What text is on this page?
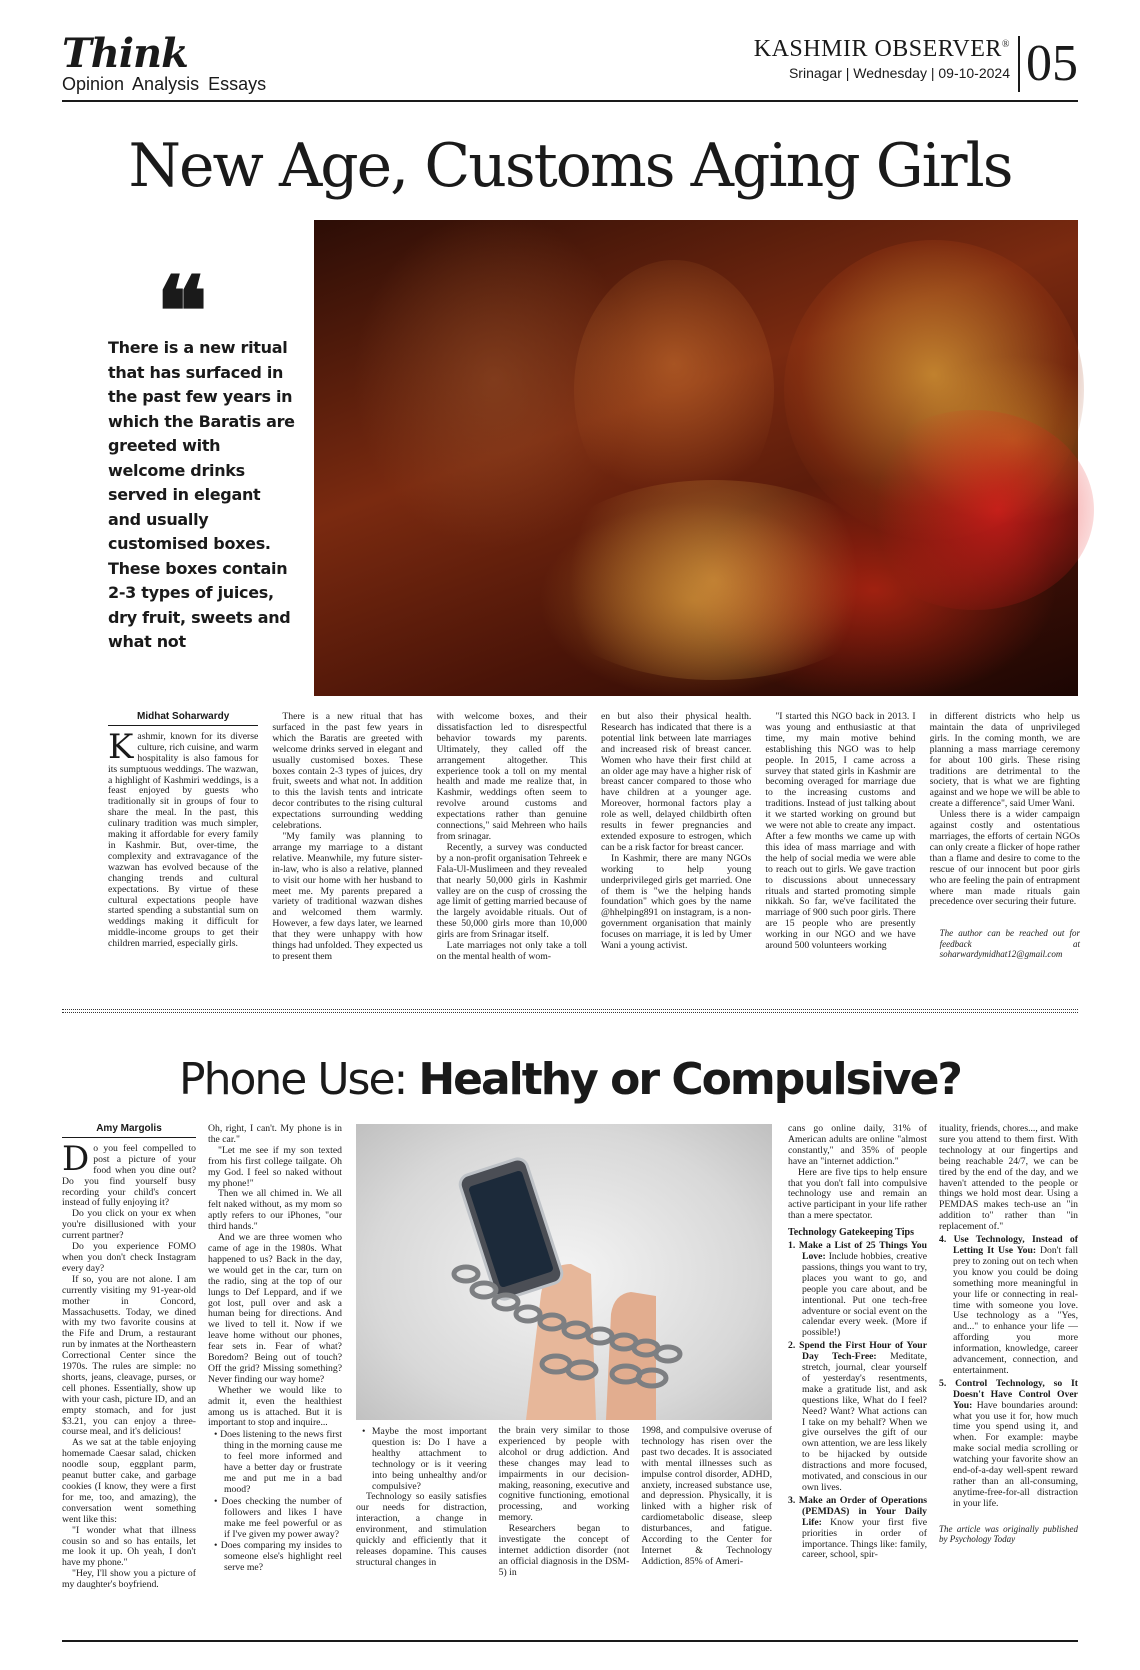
Think
Opinion Analysis Essays
KASHMIR OBSERVER®
Srinagar | Wednesday | 09-10-2024 05
New Age, Customs Aging Girls
❝
There is a new ritual that has surfaced in the past few years in which the Baratis are greeted with welcome drinks served in elegant and usually customised boxes. These boxes contain 2-3 types of juices, dry fruit, sweets and what not
Midhat Soharwardy

Kashmir, known for its diverse culture, rich cuisine, and warm hospitality is also famous for its sumptuous weddings. The wazwan, a highlight of Kashmiri weddings, is a feast enjoyed by guests who traditionally sit in groups of four to share the meal. In the past, this culinary tradition was much simpler, making it affordable for every family in Kashmir. But, over-time, the complexity and extravagance of the wazwan has evolved because of the changing trends and cultural expectations. By virtue of these cultural expectations people have started spending a substantial sum on weddings making it difficult for middle-income groups to get their children married, especially girls.

There is a new ritual that has surfaced in the past few years in which the Baratis are greeted with welcome drinks served in elegant and usually customised boxes. These boxes contain 2-3 types of juices, dry fruit, sweets and what not. In addition to this the lavish tents and intricate decor contributes to the rising cultural expectations surrounding wedding celebrations.

"My family was planning to arrange my marriage to a distant relative. Meanwhile, my future sister-in-law, who is also a relative, planned to visit our home with her husband to meet me. My parents prepared a variety of traditional wazwan dishes and welcomed them warmly. However, a few days later, we learned that they were unhappy with how things had unfolded. They expected us to present them

with welcome boxes, and their dissatisfaction led to disrespectful behavior towards my parents. Ultimately, they called off the arrangement altogether. This experience took a toll on my mental health and made me realize that, in Kashmir, weddings often seem to revolve around customs and expectations rather than genuine connections," said Mehreen who hails from srinagar.

Recently, a survey was conducted by a non-profit organisation Tehreek e Fala-Ul-Muslimeen and they revealed that nearly 50,000 girls in Kashmir valley are on the cusp of crossing the age limit of getting married because of the largely avoidable rituals. Out of these 50,000 girls more than 10,000 girls are from Srinagar itself.

Late marriages not only take a toll on the mental health of wom-

en but also their physical health. Research has indicated that there is a potential link between late marriages and increased risk of breast cancer. Women who have their first child at an older age may have a higher risk of breast cancer compared to those who have children at a younger age. Moreover, hormonal factors play a role as well, delayed childbirth often results in fewer pregnancies and extended exposure to estrogen, which can be a risk factor for breast cancer.

In Kashmir, there are many NGOs working to help young underprivileged girls get married. One of them is "we the helping hands foundation" which goes by the name @hhelping891 on instagram, is a non-government organisation that mainly focuses on marriage, it is led by Umer Wani a young activist.

"I started this NGO back in 2013. I was young and enthusiastic at that time, my main motive behind establishing this NGO was to help people. In 2015, I came across a survey that stated girls in Kashmir are becoming overaged for marriage due to the increasing customs and traditions. Instead of just talking about it we started working on ground but we were not able to create any impact. After a few months we came up with this idea of mass marriage and with the help of social media we were able to reach out to girls. We gave traction to discussions about unnecessary rituals and started promoting simple nikkah. So far, we've facilitated the marriage of 900 such poor girls. There are 15 people who are presently working in our NGO and we have around 500 volunteers working

in different districts who help us maintain the data of unprivileged girls. In the coming month, we are planning a mass marriage ceremony for about 100 girls. These rising traditions are detrimental to the society, that is what we are fighting against and we hope we will be able to create a difference", said Umer Wani.

Unless there is a wider campaign against costly and ostentatious marriages, the efforts of certain NGOs can only create a flicker of hope rather than a flame and desire to come to the rescue of our innocent but poor girls who are feeling the pain of entrapment where man made rituals gain precedence over securing their future.

The author can be reached out for feedback at soharwardymidhat12@gmail.com
Phone Use: Healthy or Compulsive?
Amy Margolis

Do you feel compelled to post a picture of your food when you dine out? Do you find yourself busy recording your child's concert instead of fully enjoying it?

Do you click on your ex when you're disillusioned with your current partner?

Do you experience FOMO when you don't check Instagram every day?

If so, you are not alone. I am currently visiting my 91-year-old mother in Concord, Massachusetts. Today, we dined with my two favorite cousins at the Fife and Drum, a restaurant run by inmates at the Northeastern Correctional Center since the 1970s. The rules are simple: no shorts, jeans, cleavage, purses, or cell phones. Essentially, show up with your cash, picture ID, and an empty stomach, and for just $3.21, you can enjoy a three-course meal, and it's delicious!

As we sat at the table enjoying homemade Caesar salad, chicken noodle soup, eggplant parm, peanut butter cake, and garbage cookies (I know, they were a first for me, too, and amazing), the conversation went something went like this:

"I wonder what that illness cousin so and so has entails, let me look it up. Oh yeah, I don't have my phone."

"Hey, I'll show you a picture of my daughter's boyfriend.

Oh, right, I can't. My phone is in the car."

"Let me see if my son texted from his first college tailgate. Oh my God. I feel so naked without my phone!"

Then we all chimed in. We all felt naked without, as my mom so aptly refers to our iPhones, "our third hands."

And we are three women who came of age in the 1980s. What happened to us? Back in the day, we would get in the car, turn on the radio, sing at the top of our lungs to Def Leppard, and if we got lost, pull over and ask a human being for directions. And we lived to tell it. Now if we leave home without our phones, fear sets in. Fear of what? Boredom? Being out of touch? Off the grid? Missing something? Never finding our way home?

Whether we would like to admit it, even the healthiest among us is attached. But it is important to stop and inquire...

• Does listening to the news first thing in the morning cause me to feel more informed and have a better day or frustrate me and put me in a bad mood?
• Does checking the number of followers and likes I have make me feel powerful or as if I've given my power away?
• Does comparing my insides to someone else's highlight reel serve me?
• Maybe the most important question is: Do I have a healthy attachment to technology or is it veering into being unhealthy and/or compulsive?

Technology so easily satisfies our needs for distraction, interaction, a change in environment, and stimulation quickly and efficiently that it releases dopamine. This causes structural changes in

the brain very similar to those experienced by people with alcohol or drug addiction. And these changes may lead to impairments in our decision-making, reasoning, executive and cognitive functioning, emotional processing, and working memory.

Researchers began to investigate the concept of internet addiction disorder (not an official diagnosis in the DSM-5) in

1998, and compulsive overuse of technology has risen over the past two decades. It is associated with mental illnesses such as impulse control disorder, ADHD, anxiety, increased substance use, and depression. Physically, it is linked with a higher risk of cardiometabolic disease, sleep disturbances, and fatigue. According to the Center for Internet & Technology Addiction, 85% of Ameri-

cans go online daily, 31% of American adults are online "almost constantly," and 35% of people have an "internet addiction."

Here are five tips to help ensure that you don't fall into compulsive technology use and remain an active participant in your life rather than a mere spectator.

Technology Gatekeeping Tips
1. Make a List of 25 Things You Love: Include hobbies, creative passions, things you want to try, places you want to go, and people you care about, and be intentional. Put one tech-free adventure or social event on the calendar every week. (More if possible!)
2. Spend the First Hour of Your Day Tech-Free: Meditate, stretch, journal, clear yourself of yesterday's resentments, make a gratitude list, and ask questions like, What do I feel? Need? Want? What actions can I take on my behalf? When we give ourselves the gift of our own attention, we are less likely to be hijacked by outside distractions and more focused, motivated, and conscious in our own lives.
3. Make an Order of Operations (PEMDAS) in Your Daily Life: Know your first five priorities in order of importance. Things like: family, career, school, spir-

ituality, friends, chores..., and make sure you attend to them first. With technology at our fingertips and being reachable 24/7, we can be tired by the end of the day, and we haven't attended to the people or things we hold most dear. Using a PEMDAS makes tech-use an "in addition to" rather than "in replacement of."

4. Use Technology, Instead of Letting It Use You: Don't fall prey to zoning out on tech when you know you could be doing something more meaningful in your life or connecting in real-time with someone you love. Use technology as a "Yes, and..." to enhance your life — affording you more information, knowledge, career advancement, connection, and entertainment.
5. Control Technology, so It Doesn't Have Control Over You: Have boundaries around: what you use it for, how much time you spend using it, and when. For example: maybe make social media scrolling or watching your favorite show an end-of-a-day well-spent reward rather than an all-consuming, anytime-free-for-all distraction in your life.
The article was originally published by Psychology Today
